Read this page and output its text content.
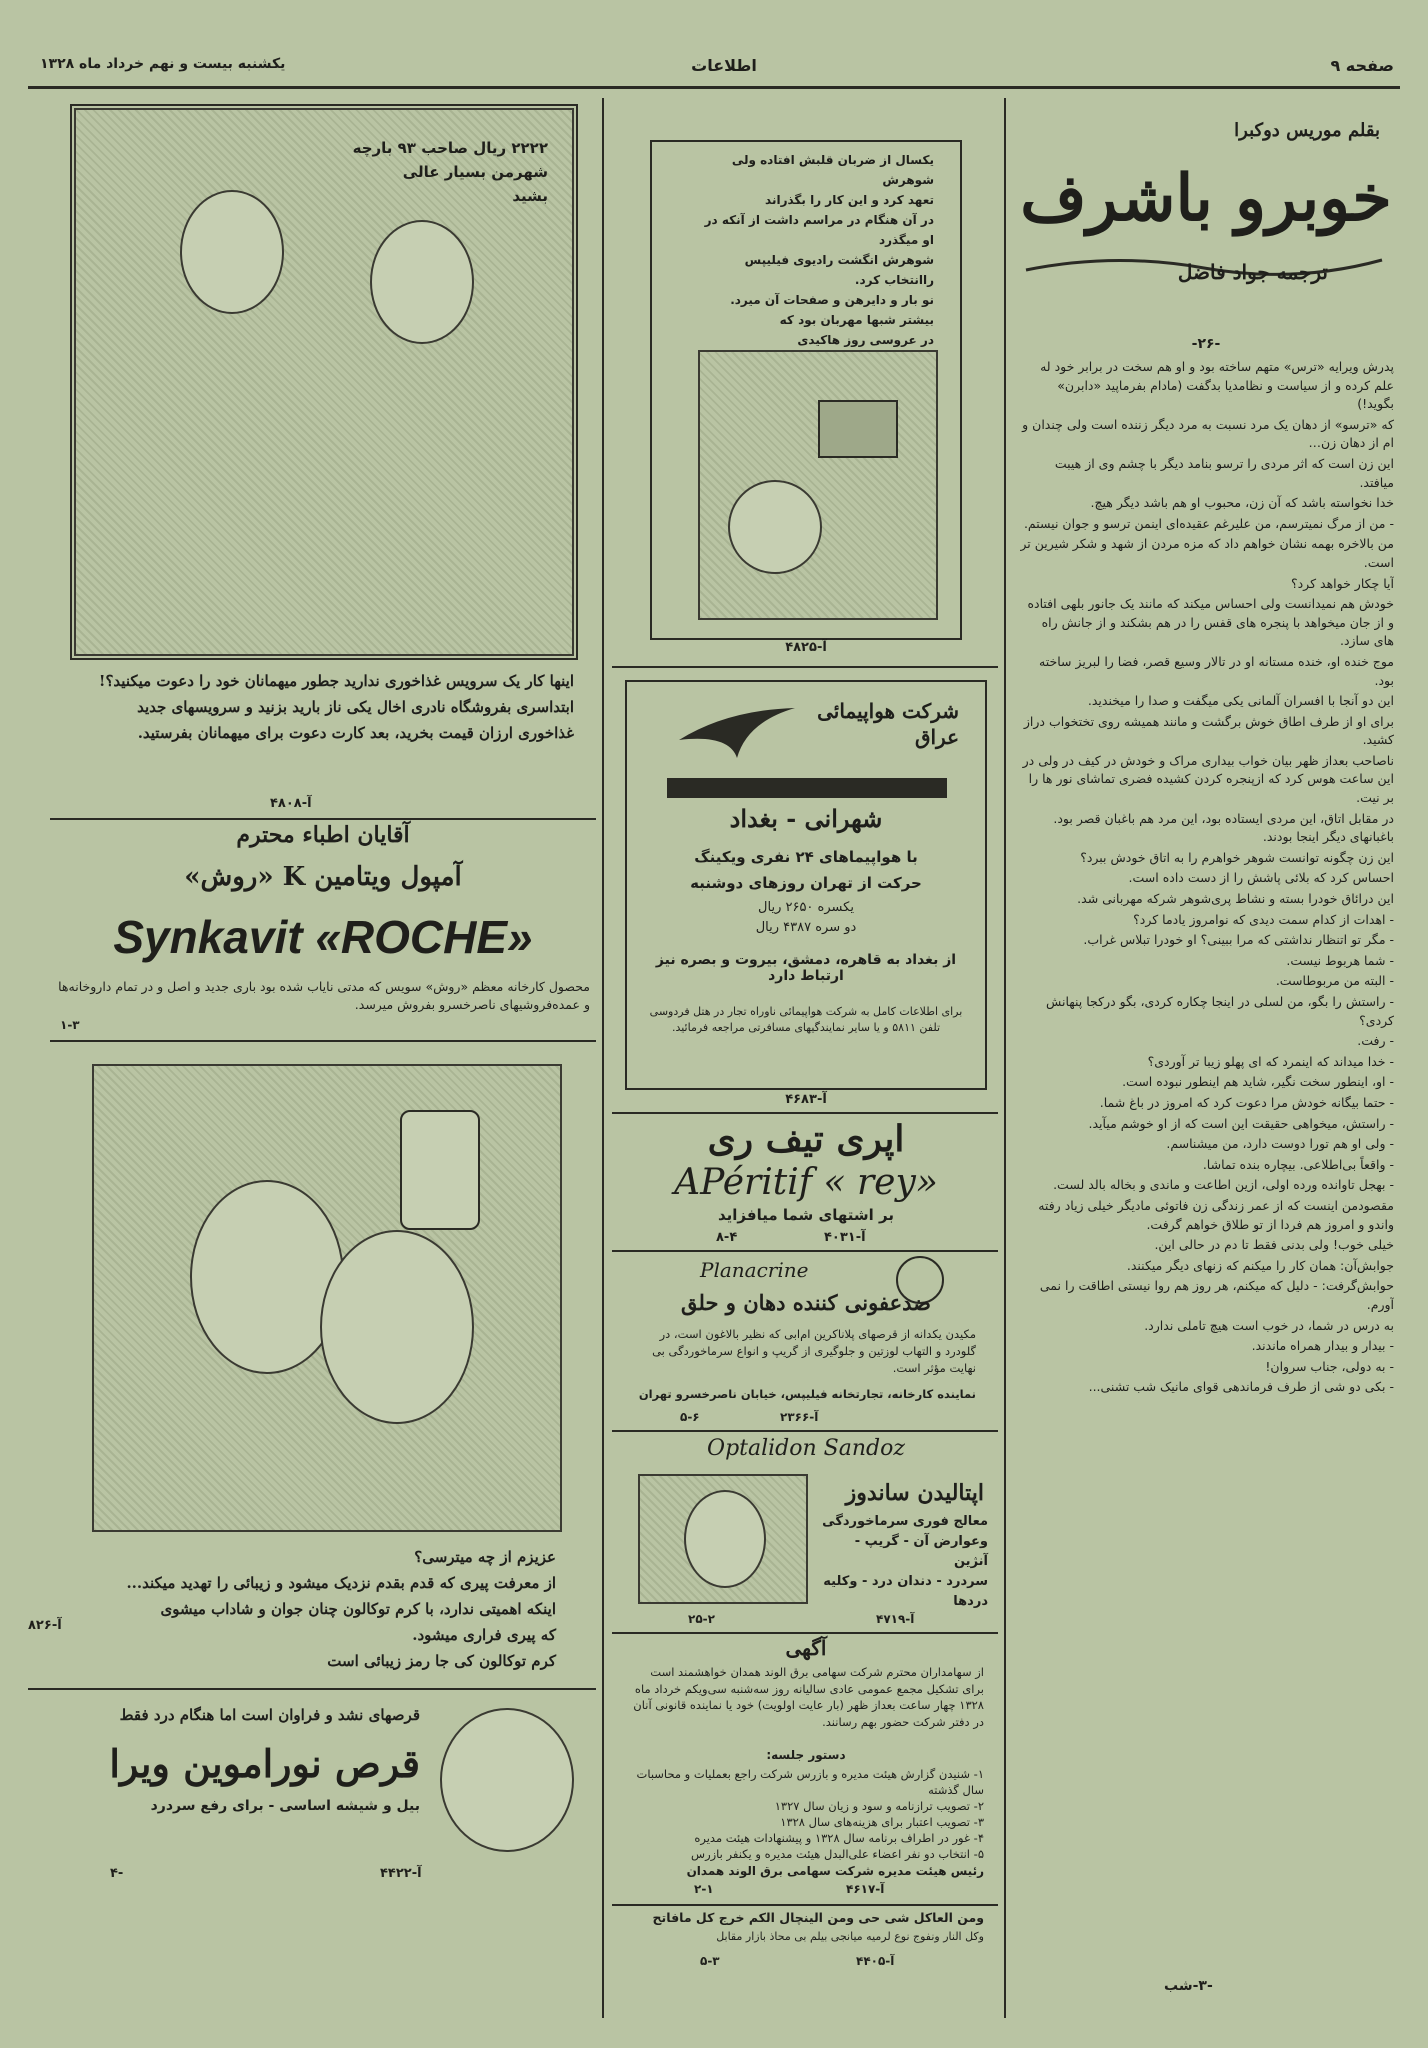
صفحه ۹
اطلاعات
یکشنبه بیست و نهم خرداد ماه ۱۳۲۸
بقلم موریس دوکبرا
خوبرو باشرف
ترجمه جواد فاضل
-۲۶-
پدرش ویرایه «ترس» متهم ساخته بود و او هم سخت در برابر خود له علم کرده و از سیاست و نظامدیا بدگفت (مادام بفرماپید «دابرن» بگوید!)
که «ترسو» از دهان یک مرد نسبت به مرد دیگر زننده است ولی چندان و ام از دهان زن…
این زن است که اثر مردی را ترسو بنامد دیگر با چشم وی از هیبت میافتد.
خدا نخواسته باشد که آن زن، محبوب او هم باشد دیگر هیچ.
- من از مرگ نمیترسم، من علیرغم عقیده‌ای اینمن ترسو و جوان نیستم.
من بالاخره بهمه نشان خواهم داد که مزه مردن از شهد و شکر شیرین تر است.
آیا چکار خواهد کرد؟
خودش هم نمیدانست ولی احساس میکند که مانند یک جانور بلهی افتاده و از جان میخواهد با پنجره های قفس را در هم بشکند و از جانش راه های سازد.
موج خنده او، خنده مستانه او در تالار وسیع قصر، فضا را لبریز ساخته بود.
این دو آنجا با افسران آلمانی یکی میگفت و صدا را میخندید.
برای او از طرف اطاق خوش برگشت و مانند همیشه روی تختخواب دراز کشید.
ناصاحب بعداز ظهر بیان خواب بیداری مراک و خودش در کیف در ولی در این ساعت هوس کرد که ازپنجره کردن کشیده فضری تماشای نور ها را بر نیت.
در مقابل اتاق، این مردی ایستاده بود، این مرد هم باغبان قصر بود. باغبانهای دیگر اینجا بودند.
این زن چگونه توانست شوهر خواهرم را به اتاق خودش ببرد؟
احساس کرد که بلائی پاشش را از دست داده است.
این درائاق خودرا بسته و نشاط پری‌شوهر شرکه مهربانی شد.
- اهدات از کدام سمت دیدی که نوامروز یادما کرد؟
- مگر تو اتنظار نداشتی که مرا ببینی؟ او خودرا تبلاس غراب.
- شما هربوط نیست.
- البته من مربوطاست.
- راستش را بگو، من لسلی در اینجا چکاره کردی، بگو درکجا پنهانش کردی؟
- رفت.
- خدا میداند که اینمرد که ای پهلو زیبا تر آوردی؟
- او، اینطور سخت نگیر، شاید هم اینطور نبوده است.
- حتما بیگانه خودش مرا دعوت کرد که امروز در باغ شما.
- راستش، میخواهی حقیقت این است که از او خوشم میآید.
- ولی او هم تورا دوست دارد، من میشناسم.
- واقعاً بی‌اطلاعی. بیچاره بنده تماشا.
- بهجل تاوانده ورده اولی، ازین اطاعت و ماندی و بخاله بالد لست.
مقصودمن اینست که از عمر زندگی زن فاتوئی مادیگر خیلی زیاد رفته واندو و امروز هم فردا از تو طلاق خواهم گرفت.
خیلی خوب! ولی بدنی فقط تا دم در حالی این.
جوابش‌آن: همان کار را میکنم که زنهای دیگر میکنند.
حوابش‌گرفت: - دلیل که میکنم، هر روز هم روا نیستی اطاقت را نمی آورم.
به درس در شما، در خوب است هیچ تاملی ندارد.
- بیدار و بیدار همراه ماندند.
- به دولی، جناب سروان!
- بکی دو شی از طرف فرماندهی قوای مانیک شب تشنی...
-۳-شب
یکسال از ضربان قلبش افتاده ولی شوهرش
تعهد کرد و این کار را بگذراند
در آن هنگام در مراسم داشت از آنکه در او میگذرد
شوهرش انگشت رادیوی فیلیپس راانتخاب کرد.
نو بار و دایرهن و صفحات آن میرد.
بیشتر شبها مهربان بود که
در عروسی روز هاکیدی
آ-۴۸۲۵
شرکت هواپیمائی عراق
شهرانی - بغداد
با هواپیماهای ۲۴ نفری ویکینگ
حرکت از تهران روزهای دوشنبه
یکسره ۲۶۵۰ ریال
دو سره ۴۳۸۷ ریال
از بغداد به قاهره، دمشق، بیروت و بصره نیز ارتباط دارد
برای اطلاعات کامل به شرکت هواپیمائی ناوراه تجار در هتل فردوسی تلفن ۵۸۱۱ و یا سایر نمایندگیهای مسافرتی مراجعه فرمائید.
آ-۴۶۸۳
اپری تیف ری
APéritif « rey»
بر اشتهای شما میافزاید
آ-۴۰۳۱
۸-۴
Planacrine
ضدعفونی کننده دهان و حلق
مکیدن یکدانه از قرصهای پلاناکرین ام‌ا‌بی که نظیر بالاغون است، در گلودرد و التهاب لوزتین و جلوگیری از گریپ و انواع سرماخوردگی بی نهایت مؤثر است.
نماینده کارخانه، تجارتخانه فیلیپس، خیابان ناصرخسرو تهران
آ-۲۳۶۶
۵-۶
Optalidon Sandoz
اپتالیدن ساندوز
معالج فوری سرماخوردگی
وعوارض آن - گریپ - آنژین
سردرد - دندان درد - وکلیه
دردها
آ-۴۷۱۹
۲۵-۲
آگهی
از سهامداران محترم شرکت سهامی برق الوند همدان خواهشمند است برای تشکیل مجمع عمومی عادی سالیانه روز سه‌شنبه سی‌ویکم خرداد ماه ۱۳۲۸ چهار ساعت بعداز ظهر (بار عایت اولویت) خود یا نماینده قانونی آنان در دفتر شرکت حضور بهم رسانند.
دستور جلسه:
۱- شنیدن گزارش هیئت مدیره و بازرس شرکت راجع بعملیات و محاسبات سال گذشته
۲- تصویب ترازنامه و سود و زیان سال ۱۳۲۷
۳- تصویب اعتبار برای هزینه‌های سال ۱۳۲۸
۴- غور در اطراف برنامه سال ۱۳۲۸ و پیشنهادات هیئت مدیره
۵- انتخاب دو نفر اعضاء علی‌البدل هیئت مدیره و یکنفر بازرس
رئیس هیئت مدیره شرکت سهامی برق الوند همدان
آ-۴۶۱۷
۲-۱
ومن العاکل شی حی ومن الینچال الکم خرج کل مافاتح
وکل النار ونفوج نوع لرمیه میانجی بیلم بی محاذ بازار مقابل
آ-۴۴۰۵
۵-۳
۲۲۲۲ ریال صاحب ۹۳ بارچه
شهرمن بسیار عالی
بشید
اینها کار یک سرویس غذاخوری ندارید جطور میهمانان خود را دعوت میکنید؟!
ابتداسری بفروشگاه نادری اخال یکی ناز بارید بزنید و سرویسهای جدید
غذاخوری ارزان قیمت بخرید، بعد کارت دعوت برای میهمانان بفرستید.
آ-۴۸۰۸
آقایان اطباء محترم
آمپول ویتامین K «روش»
Synkavit «ROCHE»
محصول کارخانه معظم «روش» سویس که مدتی نایاب شده بود باری جدید و اصل و در تمام داروخانه‌ها و عمده‌فروشیهای ناصرخسرو بفروش میرسد.
۱-۳
عزیزم از چه میترسی؟
از معرفت پیری که قدم بقدم نزدیک میشود و زیبائی را تهدید میکند...
اینکه اهمیتی ندارد، با کرم توکالون چنان جوان و شاداب میشوی
که پیری فراری میشود.
کرم توکالون کی جا رمز زیبائی است
آ-۸۲۶
قرصهای نشد و فراوان است اما هنگام درد فقط
قرص نوراموین ویرا
بیل و شیشه اساسی - برای رفع سردرد
آ-۴۴۲۲
۴-
